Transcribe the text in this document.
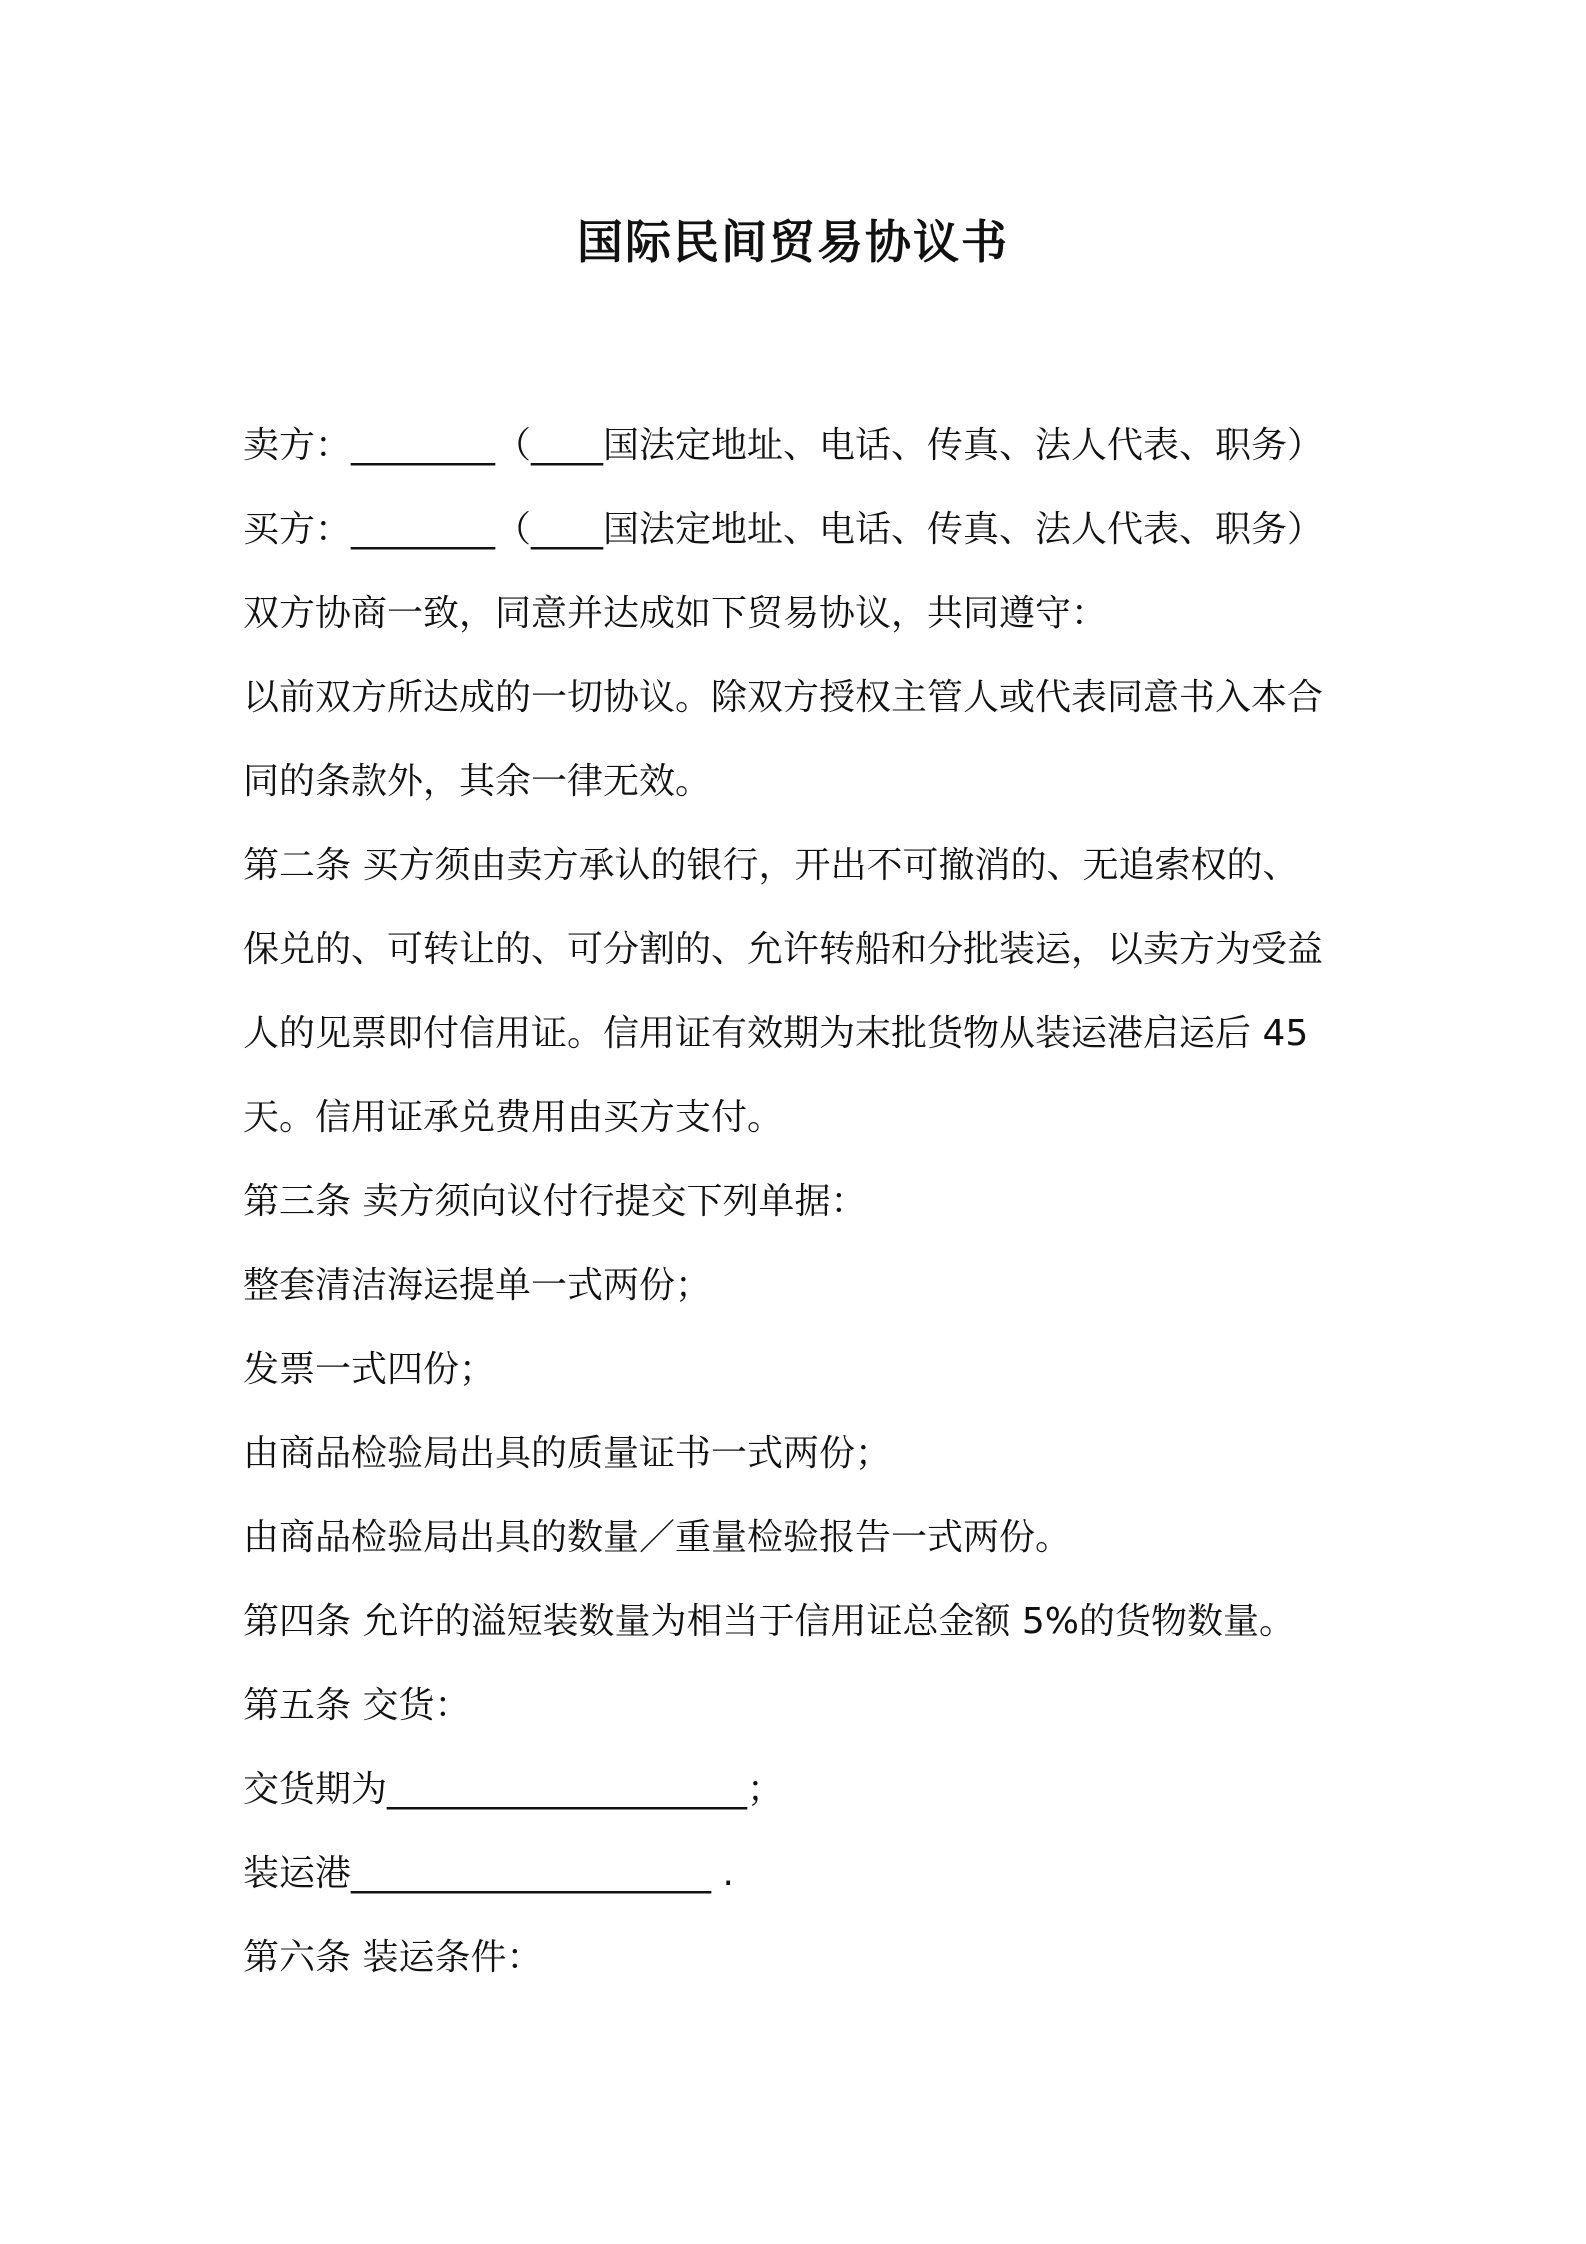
国际民间贸易协议书
卖方：________（____国法定地址、电话、传真、法人代表、职务）
买方：________（____国法定地址、电话、传真、法人代表、职务）
双方协商一致，同意并达成如下贸易协议，共同遵守：
以前双方所达成的一切协议。除双方授权主管人或代表同意书入本合
同的条款外，其余一律无效。
第二条 买方须由卖方承认的银行，开出不可撤消的、无追索权的、
保兑的、可转让的、可分割的、允许转船和分批装运，以卖方为受益
人的见票即付信用证。信用证有效期为末批货物从装运港启运后 45
天。信用证承兑费用由买方支付。
第三条 卖方须向议付行提交下列单据：
整套清洁海运提单一式两份；
发票一式四份；
由商品检验局出具的质量证书一式两份；
由商品检验局出具的数量／重量检验报告一式两份。
第四条 允许的溢短装数量为相当于信用证总金额 5%的货物数量。
第五条 交货：
交货期为____________________；
装运港____________________ .
第六条 装运条件：
